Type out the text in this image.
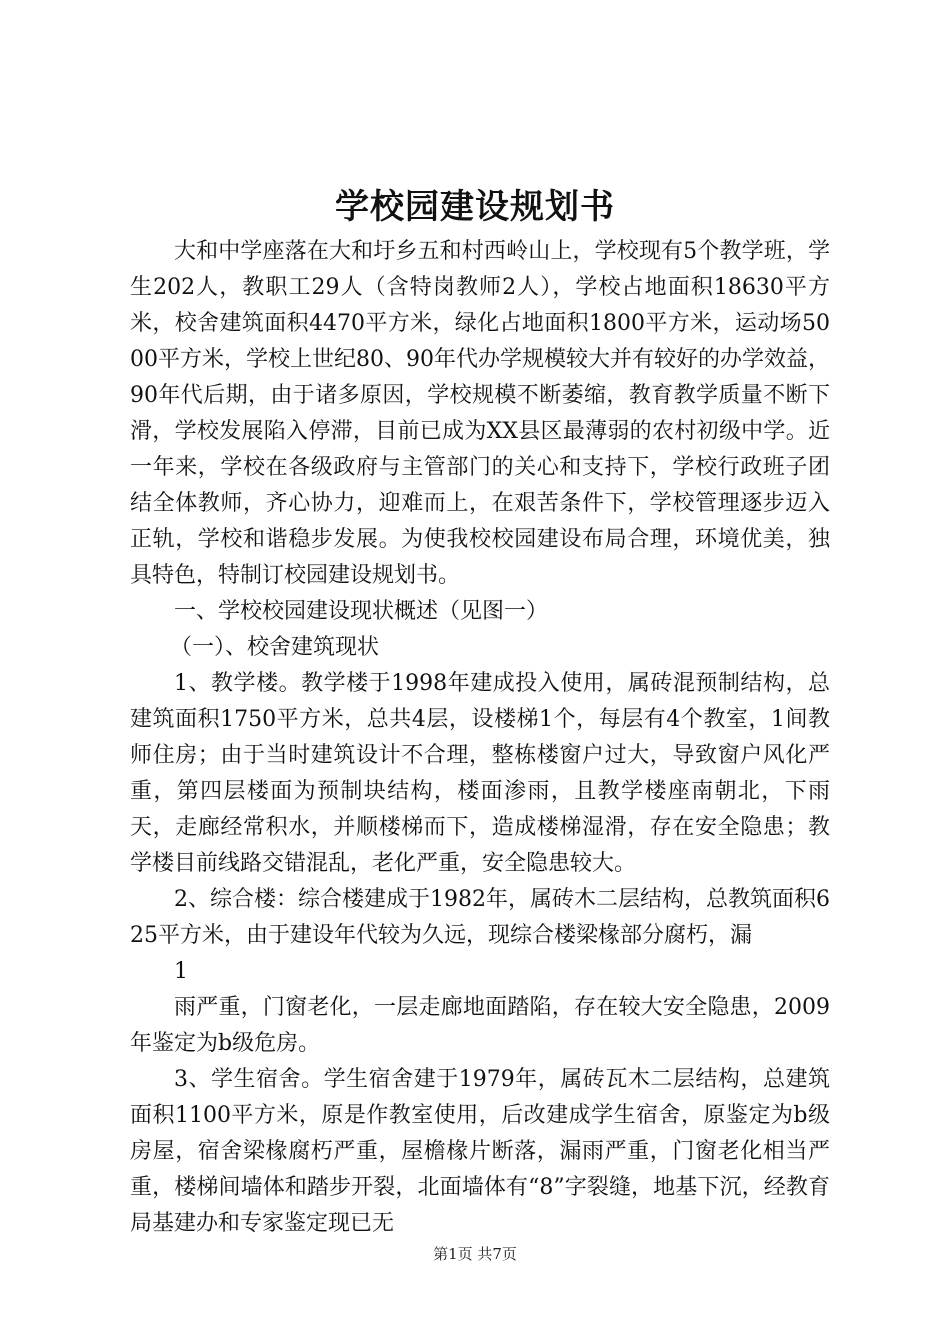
学校园建设规划书

大和中学座落在大和圩乡五和村西岭山上，学校现有5个教学班，学生202人，教职工29人（含特岗教师2人），学校占地面积18630平方米，校舍建筑面积4470平方米，绿化占地面积1800平方米，运动场5000平方米，学校上世纪80、90年代办学规模较大并有较好的办学效益，90年代后期，由于诸多原因，学校规模不断萎缩，教育教学质量不断下滑，学校发展陷入停滞，目前已成为XX县区最薄弱的农村初级中学。近一年来，学校在各级政府与主管部门的关心和支持下，学校行政班子团结全体教师，齐心协力，迎难而上，在艰苦条件下，学校管理逐步迈入正轨，学校和谐稳步发展。为使我校校园建设布局合理，环境优美，独具特色，特制订校园建设规划书。

一、学校校园建设现状概述（见图一）

（一）、校舍建筑现状

1、教学楼。教学楼于1998年建成投入使用，属砖混预制结构，总建筑面积1750平方米，总共4层，设楼梯1个，每层有4个教室，1间教师住房；由于当时建筑设计不合理，整栋楼窗户过大，导致窗户风化严重，第四层楼面为预制块结构，楼面渗雨，且教学楼座南朝北，下雨天，走廊经常积水，并顺楼梯而下，造成楼梯湿滑，存在安全隐患；教学楼目前线路交错混乱，老化严重，安全隐患较大。

2、综合楼：综合楼建成于1982年，属砖木二层结构，总教筑面积625平方米，由于建设年代较为久远，现综合楼梁椽部分腐朽，漏

1

雨严重，门窗老化，一层走廊地面踏陷，存在较大安全隐患，2009年鉴定为b级危房。

3、学生宿舍。学生宿舍建于1979年，属砖瓦木二层结构，总建筑面积1100平方米，原是作教室使用，后改建成学生宿舍，原鉴定为b级房屋，宿舍梁椽腐朽严重，屋檐椽片断落，漏雨严重，门窗老化相当严重，楼梯间墙体和踏步开裂，北面墙体有“8”字裂缝，地基下沉，经教育局基建办和专家鉴定现已无

第1页 共7页
